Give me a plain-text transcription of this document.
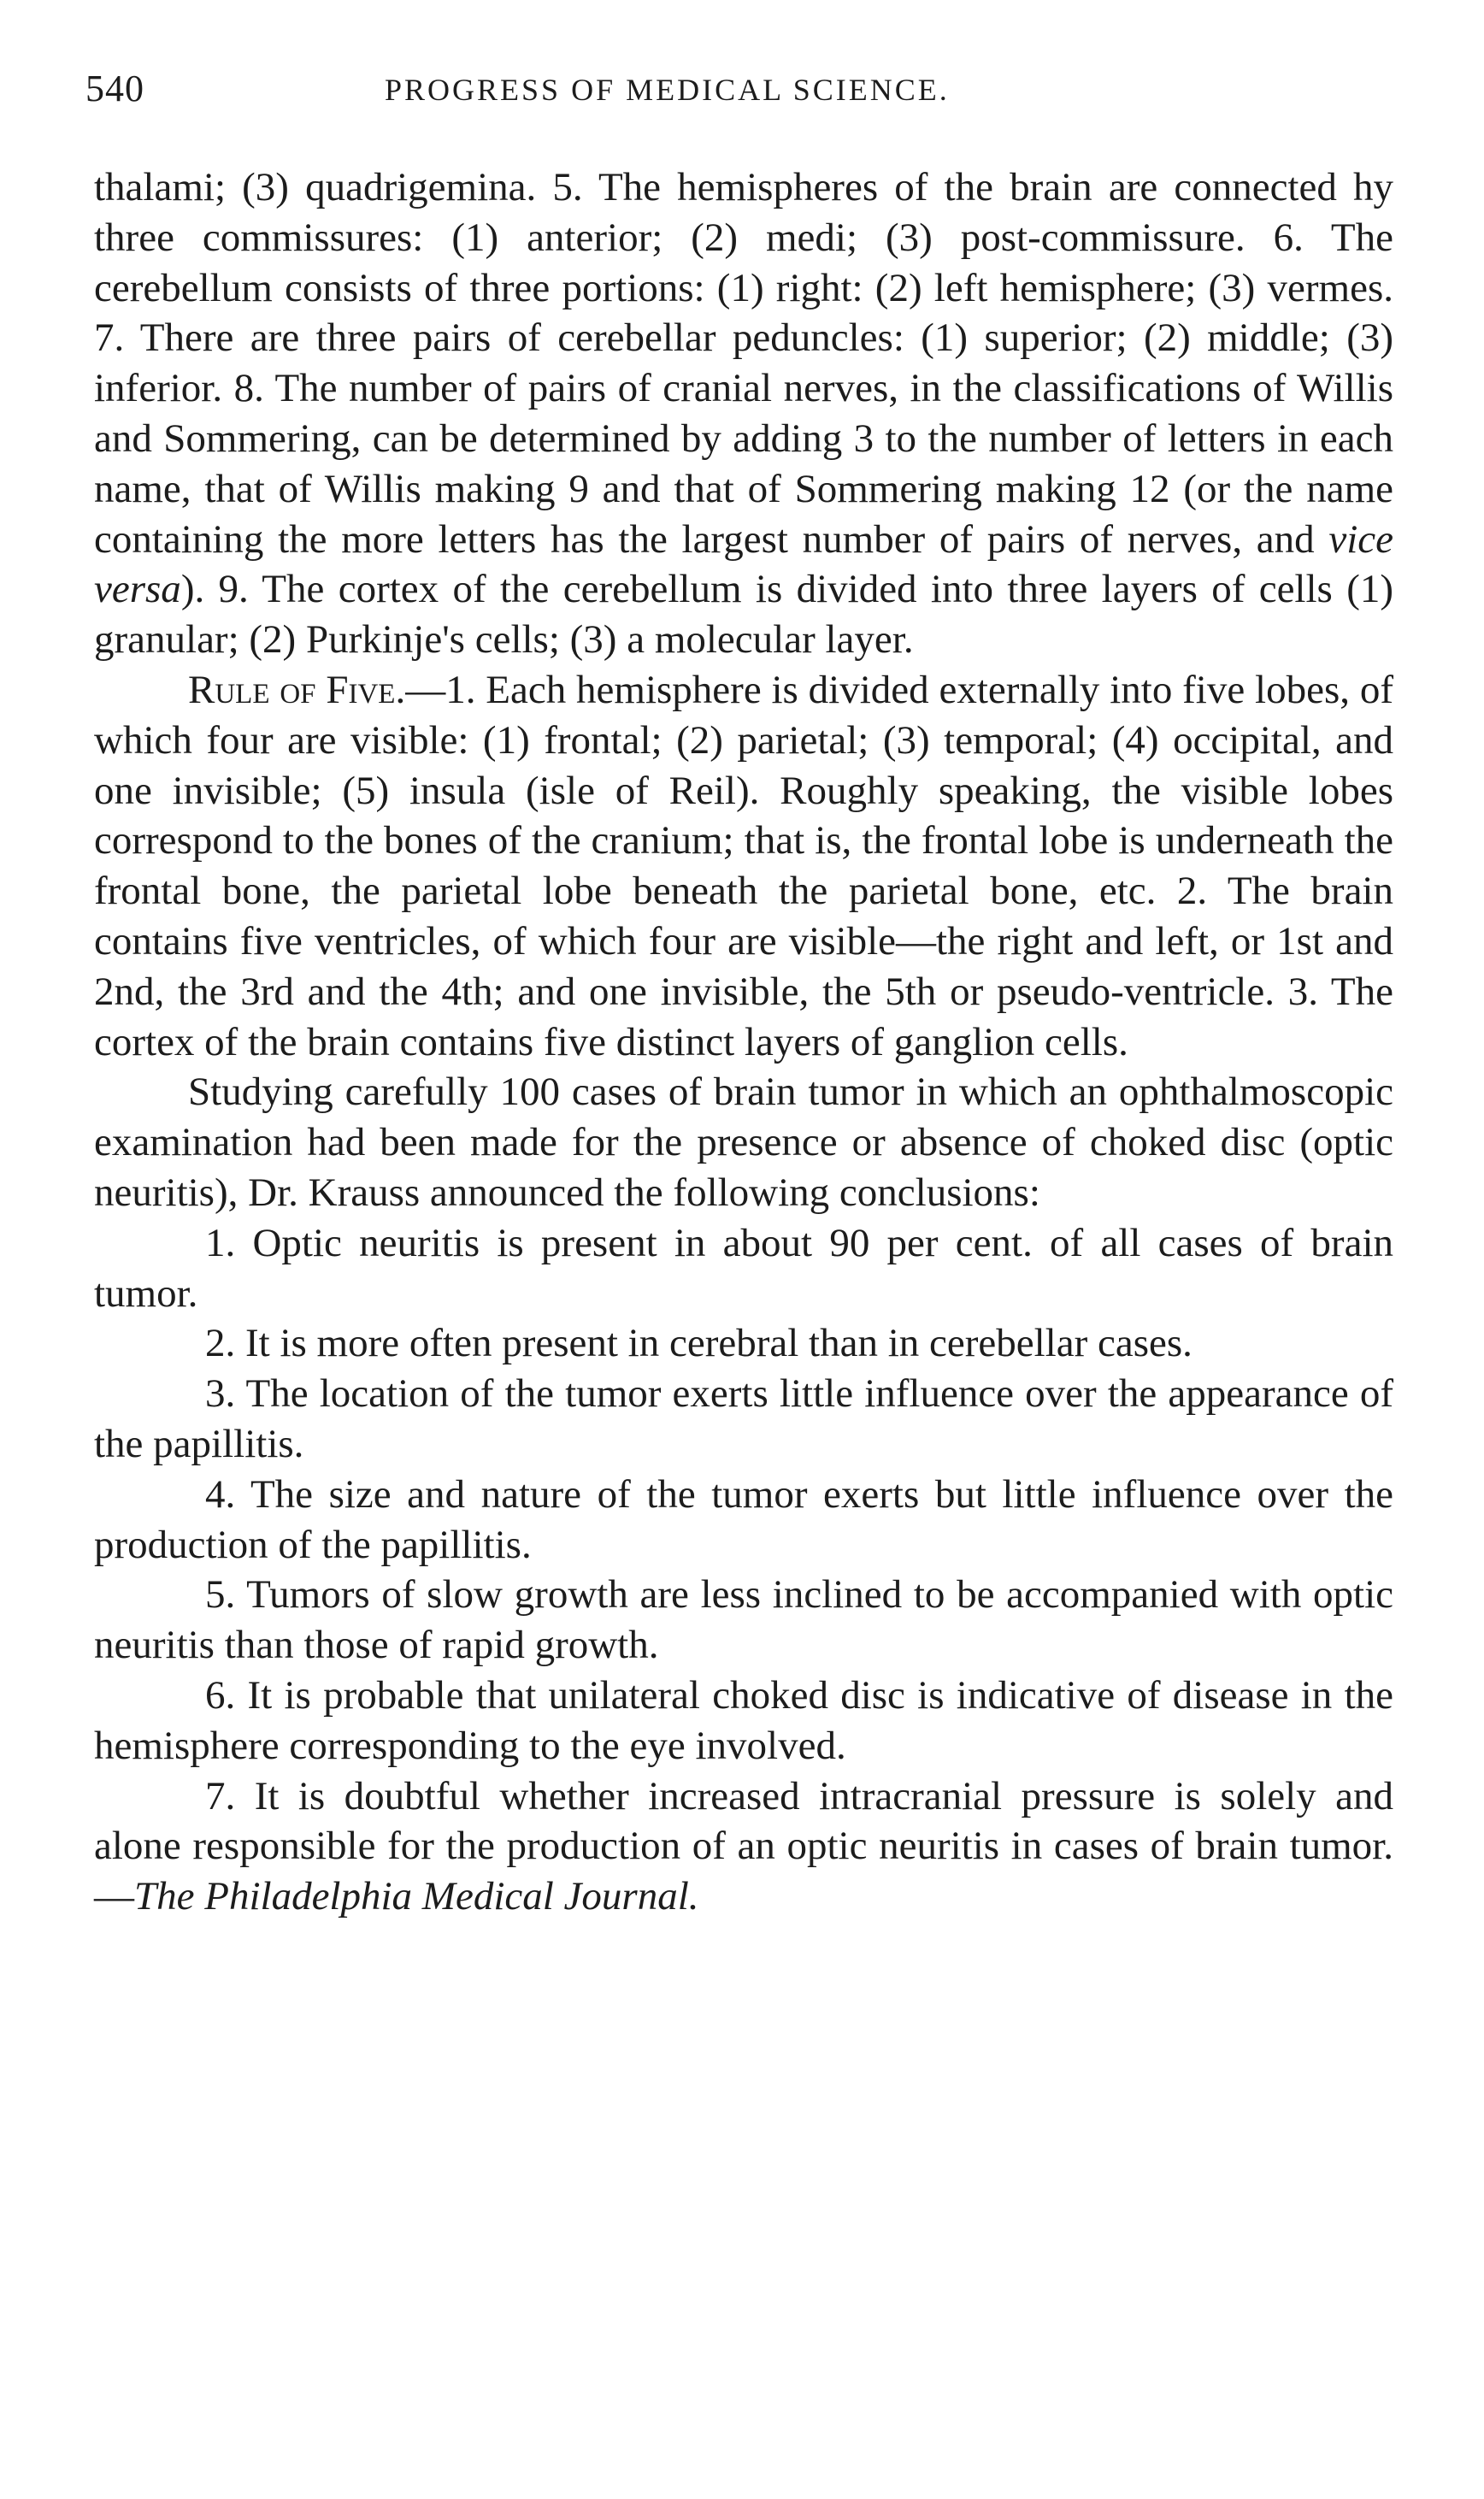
540	PROGRESS OF MEDICAL SCIENCE.

thalami; (3) quadrigemina. 5. The hemispheres of the brain are connected hy three commissures: (1) anterior; (2) medi; (3) post-commissure. 6. The cerebellum consists of three portions: (1) right: (2) left hemisphere; (3) vermes. 7. There are three pairs of cerebellar peduncles: (1) superior; (2) middle; (3) inferior. 8. The number of pairs of cranial nerves, in the classifications of Willis and Sommering, can be determined by adding 3 to the number of letters in each name, that of Willis making 9 and that of Sommering making 12 (or the name containing the more letters has the largest number of pairs of nerves, and vice versa). 9. The cortex of the cerebellum is divided into three layers of cells (1) granular; (2) Purkinje's cells; (3) a molecular layer.

Rule of Five.—1. Each hemisphere is divided externally into five lobes, of which four are visible: (1) frontal; (2) parietal; (3) temporal; (4) occipital, and one invisible; (5) insula (isle of Reil). Roughly speaking, the visible lobes correspond to the bones of the cranium; that is, the frontal lobe is underneath the frontal bone, the parietal lobe beneath the parietal bone, etc. 2. The brain contains five ventricles, of which four are visible—the right and left, or 1st and 2nd, the 3rd and the 4th; and one invisible, the 5th or pseudo-ventricle. 3. The cortex of the brain contains five distinct layers of ganglion cells.

Studying carefully 100 cases of brain tumor in which an ophthalmoscopic examination had been made for the presence or absence of choked disc (optic neuritis), Dr. Krauss announced the following conclusions:

1. Optic neuritis is present in about 90 per cent. of all cases of brain tumor.

2. It is more often present in cerebral than in cerebellar cases.

3. The location of the tumor exerts little influence over the appearance of the papillitis.

4. The size and nature of the tumor exerts but little influence over the production of the papillitis.

5. Tumors of slow growth are less inclined to be accompanied with optic neuritis than those of rapid growth.

6. It is probable that unilateral choked disc is indicative of disease in the hemisphere corresponding to the eye involved.

7. It is doubtful whether increased intracranial pressure is solely and alone responsible for the production of an optic neuritis in cases of brain tumor.—The Philadelphia Medical Journal.
